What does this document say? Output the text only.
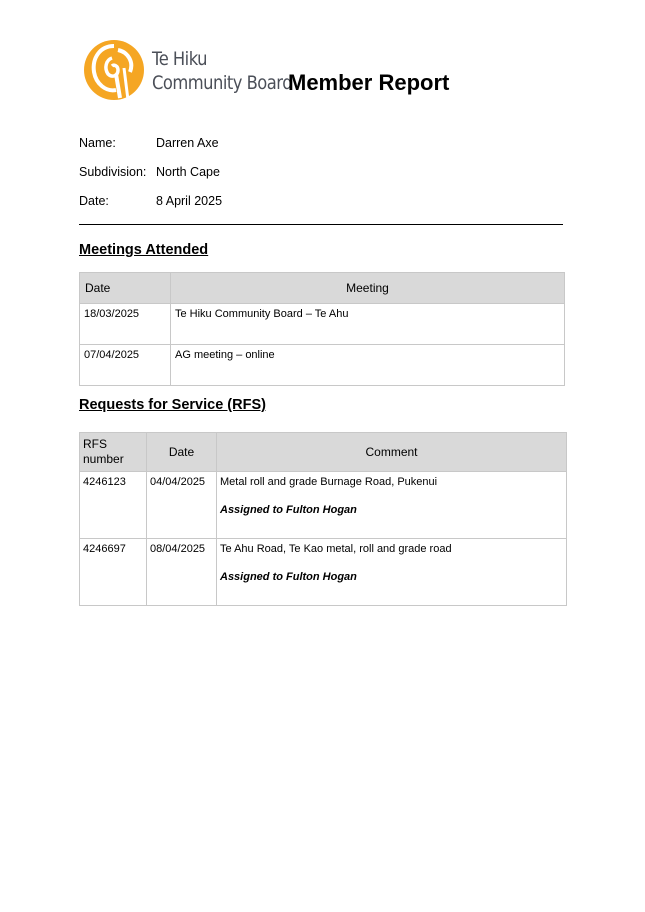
Te Hiku
Community Board
Member Report
Name:	Darren Axe
Subdivision: North Cape
Date:	8 April 2025
Meetings Attended
Date	Meeting
18/03/2025	Te Hiku Community Board – Te Ahu
07/04/2025	AG meeting – online
Requests for Service (RFS)
RFS number	Date	Comment
4246123	04/04/2025	Metal roll and grade Burnage Road, Pukenui
Assigned to Fulton Hogan

4246697	08/04/2025	Te Ahu Road, Te Kao metal, roll and grade road
Assigned to Fulton Hogan
